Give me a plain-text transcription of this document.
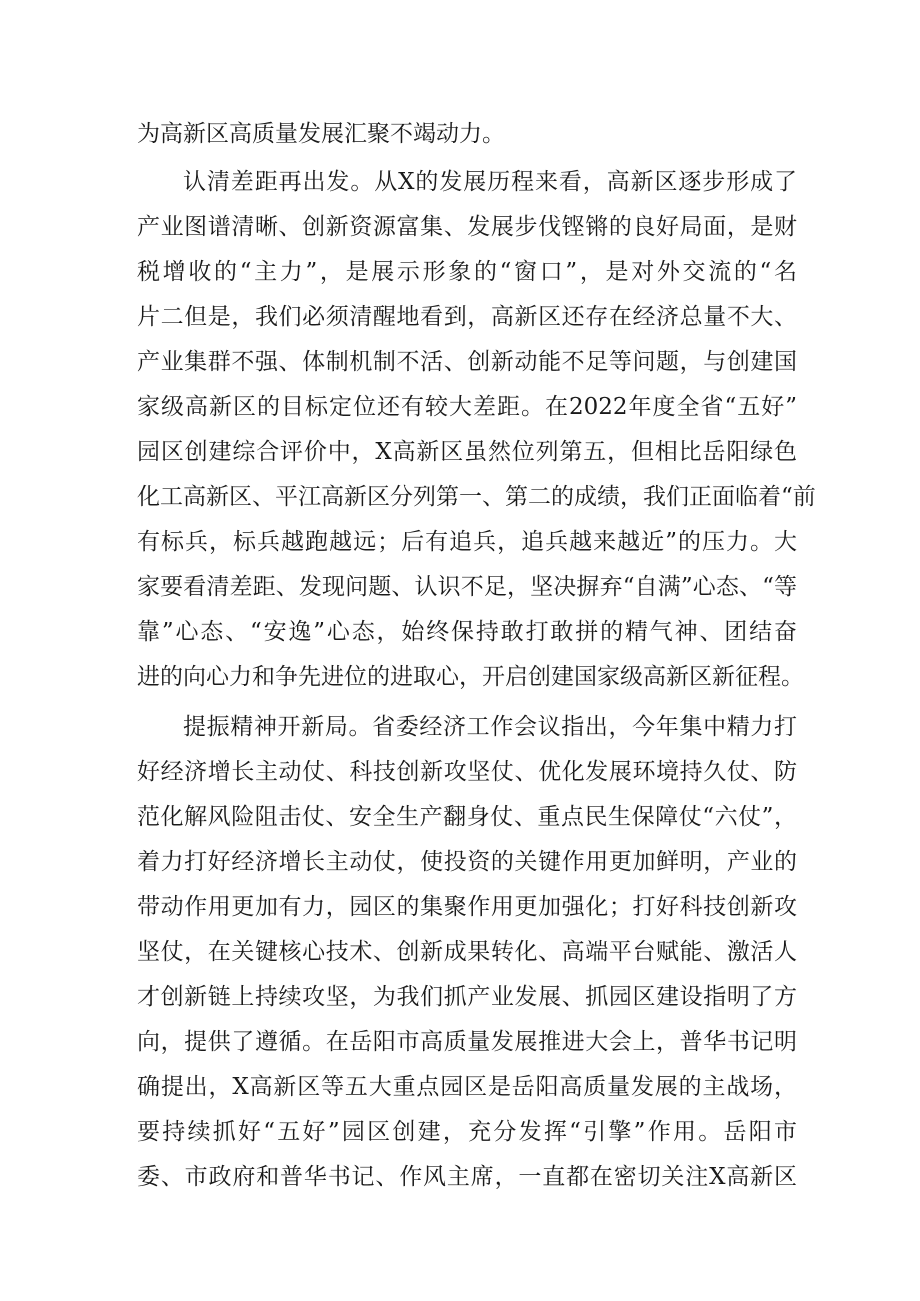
为高新区高质量发展汇聚不竭动力。
认清差距再出发。从X的发展历程来看，高新区逐步形成了
产业图谱清晰、创新资源富集、发展步伐铿锵的良好局面，是财
税增收的“主力”，是展示形象的“窗口”，是对外交流的“名
片二但是，我们必须清醒地看到，高新区还存在经济总量不大、
产业集群不强、体制机制不活、创新动能不足等问题，与创建国
家级高新区的目标定位还有较大差距。在2022年度全省“五好”
园区创建综合评价中，X高新区虽然位列第五，但相比岳阳绿色
化工高新区、平江高新区分列第一、第二的成绩，我们正面临着“前
有标兵，标兵越跑越远；后有追兵，追兵越来越近”的压力。大
家要看清差距、发现问题、认识不足，坚决摒弃“自满”心态、“等
靠”心态、“安逸”心态，始终保持敢打敢拼的精气神、团结奋
进的向心力和争先进位的进取心，开启创建国家级高新区新征程。
提振精神开新局。省委经济工作会议指出，今年集中精力打
好经济增长主动仗、科技创新攻坚仗、优化发展环境持久仗、防
范化解风险阻击仗、安全生产翻身仗、重点民生保障仗“六仗”，
着力打好经济增长主动仗，使投资的关键作用更加鲜明，产业的
带动作用更加有力，园区的集聚作用更加强化；打好科技创新攻
坚仗，在关键核心技术、创新成果转化、高端平台赋能、激活人
才创新链上持续攻坚，为我们抓产业发展、抓园区建设指明了方
向，提供了遵循。在岳阳市高质量发展推进大会上，普华书记明
确提出，X高新区等五大重点园区是岳阳高质量发展的主战场，
要持续抓好“五好”园区创建，充分发挥“引擎”作用。岳阳市
委、市政府和普华书记、作风主席，一直都在密切关注X高新区
